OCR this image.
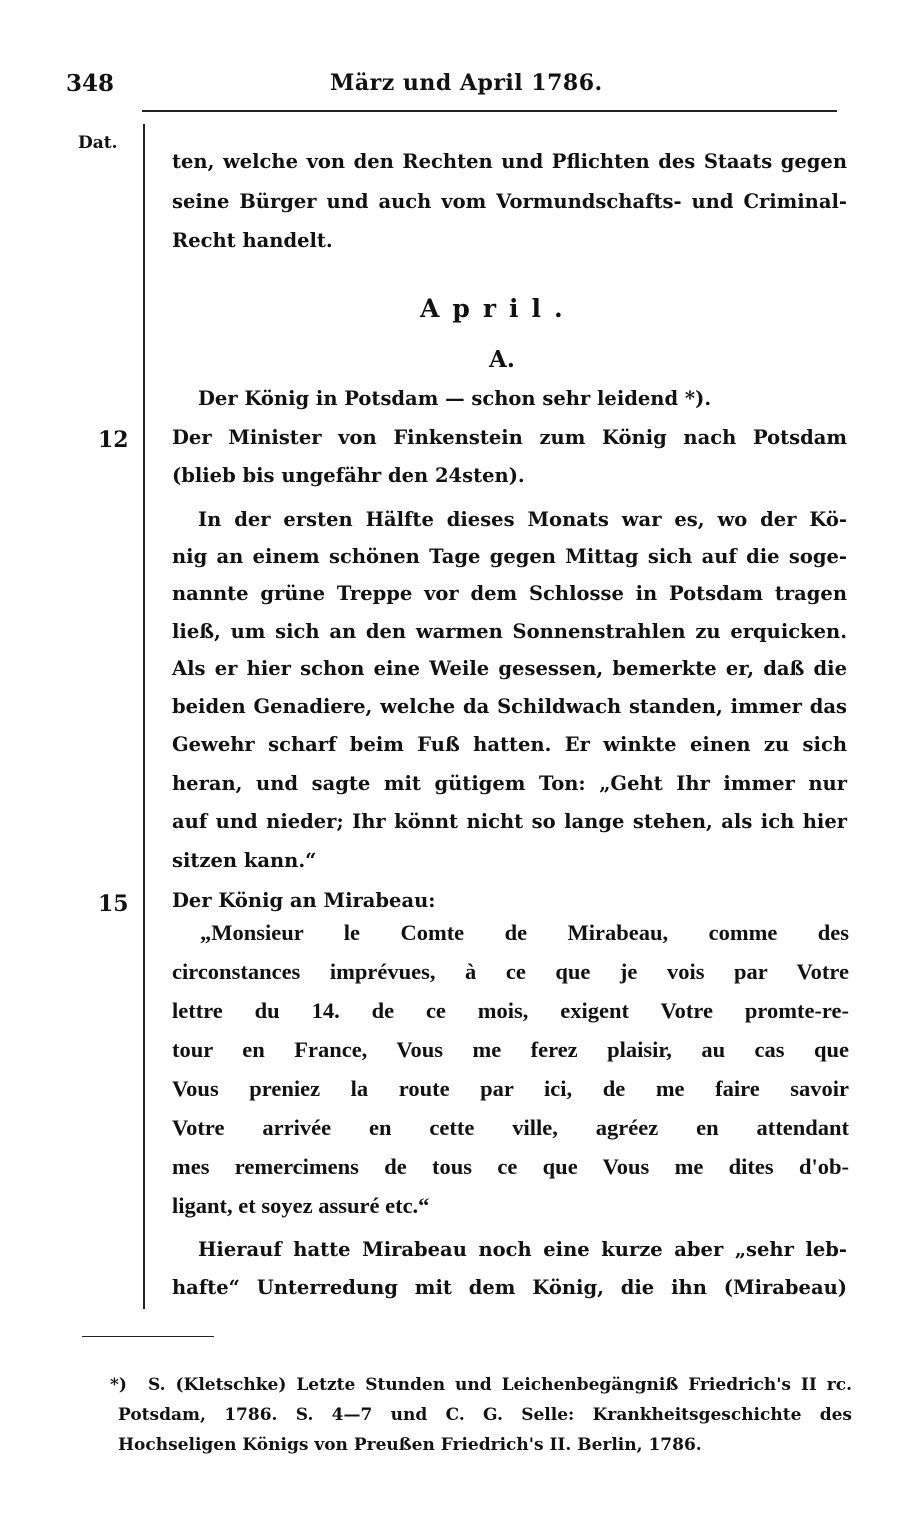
348	März und April 1786.
Dat.
ten, welche von den Rechten und Pflichten des Staats gegen
seine Bürger und auch vom Vormundschafts- und Criminal-
Recht handelt.
April.
A.
Der König in Potsdam — schon sehr leidend *).
12 Der Minister von Finkenstein zum König nach Potsdam
(blieb bis ungefähr den 24sten).
In der ersten Hälfte dieses Monats war es, wo der Kö-
nig an einem schönen Tage gegen Mittag sich auf die soge-
nannte grüne Treppe vor dem Schlosse in Potsdam tragen
ließ, um sich an den warmen Sonnenstrahlen zu erquicken.
Als er hier schon eine Weile gesessen, bemerkte er, daß die
beiden Genadiere, welche da Schildwach standen, immer das
Gewehr scharf beim Fuß hatten. Er winkte einen zu sich
heran, und sagte mit gütigem Ton: „Geht Ihr immer nur
auf und nieder; Ihr könnt nicht so lange stehen, als ich hier
sitzen kann.“
15 Der König an Mirabeau:
„Monsieur le Comte de Mirabeau, comme des
circonstances imprévues, à ce que je vois par Votre
lettre du 14. de ce mois, exigent Votre promte-re-
tour en France, Vous me ferez plaisir, au cas que
Vous preniez la route par ici, de me faire savoir
Votre arrivée en cette ville, agréez en attendant
mes remercimens de tous ce que Vous me dites d'ob-
ligant, et soyez assuré etc.“
Hierauf hatte Mirabeau noch eine kurze aber „sehr leb-
hafte“ Unterredung mit dem König, die ihn (Mirabeau)
*) S. (Kletschke) Letzte Stunden und Leichenbegängniß Friedrich's II rc.
Potsdam, 1786. S. 4—7 und C. G. Selle: Krankheitsgeschichte des
Hochseligen Königs von Preußen Friedrich's II. Berlin, 1786.
